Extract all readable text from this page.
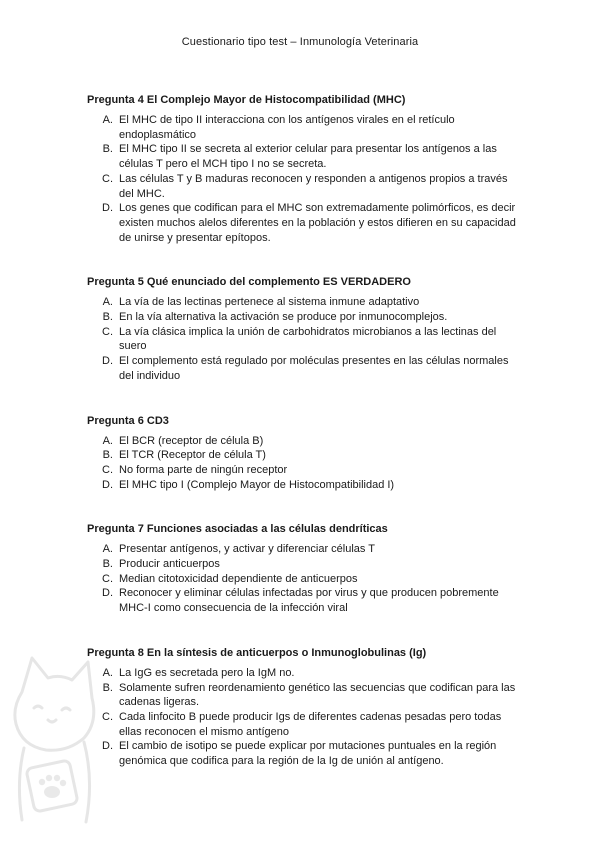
Cuestionario tipo test – Inmunología Veterinaria
Pregunta 4 El Complejo Mayor de Histocompatibilidad (MHC)
A. El MHC de tipo II interacciona con los antígenos virales en el retículo endoplasmático
B. El MHC tipo II se secreta al exterior celular para presentar los antígenos a las células T pero el MCH tipo I no se secreta.
C. Las células T y B maduras reconocen y responden a antigenos propios a través del MHC.
D. Los genes que codifican para el MHC son extremadamente polimórficos, es decir existen muchos alelos diferentes en la población y estos difieren en su capacidad de unirse y presentar epítopos.
Pregunta 5 Qué enunciado del complemento ES VERDADERO
A. La vía de las lectinas pertenece al sistema inmune adaptativo
B. En la vía alternativa la activación se produce por inmunocomplejos.
C. La vía clásica implica la unión de carbohidratos microbianos a las lectinas del suero
D. El complemento está regulado por moléculas presentes en las células normales del individuo
Pregunta 6 CD3
A. El BCR (receptor de célula B)
B. El TCR (Receptor de célula T)
C. No forma parte de ningún receptor
D. El MHC tipo I (Complejo Mayor de Histocompatibilidad I)
Pregunta 7 Funciones asociadas a las células dendríticas
A. Presentar antígenos, y activar y diferenciar células T
B. Producir anticuerpos
C. Median citotoxicidad dependiente de anticuerpos
D. Reconocer y eliminar células infectadas por virus y que producen pobremente MHC-I como consecuencia de la infección viral
Pregunta 8 En la síntesis de anticuerpos o Inmunoglobulinas (Ig)
A. La IgG es secretada pero la IgM no.
B. Solamente sufren reordenamiento genético las secuencias que codifican para las cadenas ligeras.
C. Cada linfocito B puede producir Igs de diferentes cadenas pesadas pero todas ellas reconocen el mismo antígeno
D. El cambio de isotipo se puede explicar por mutaciones puntuales en la región genómica que codifica para la región de la Ig de unión al antígeno.
